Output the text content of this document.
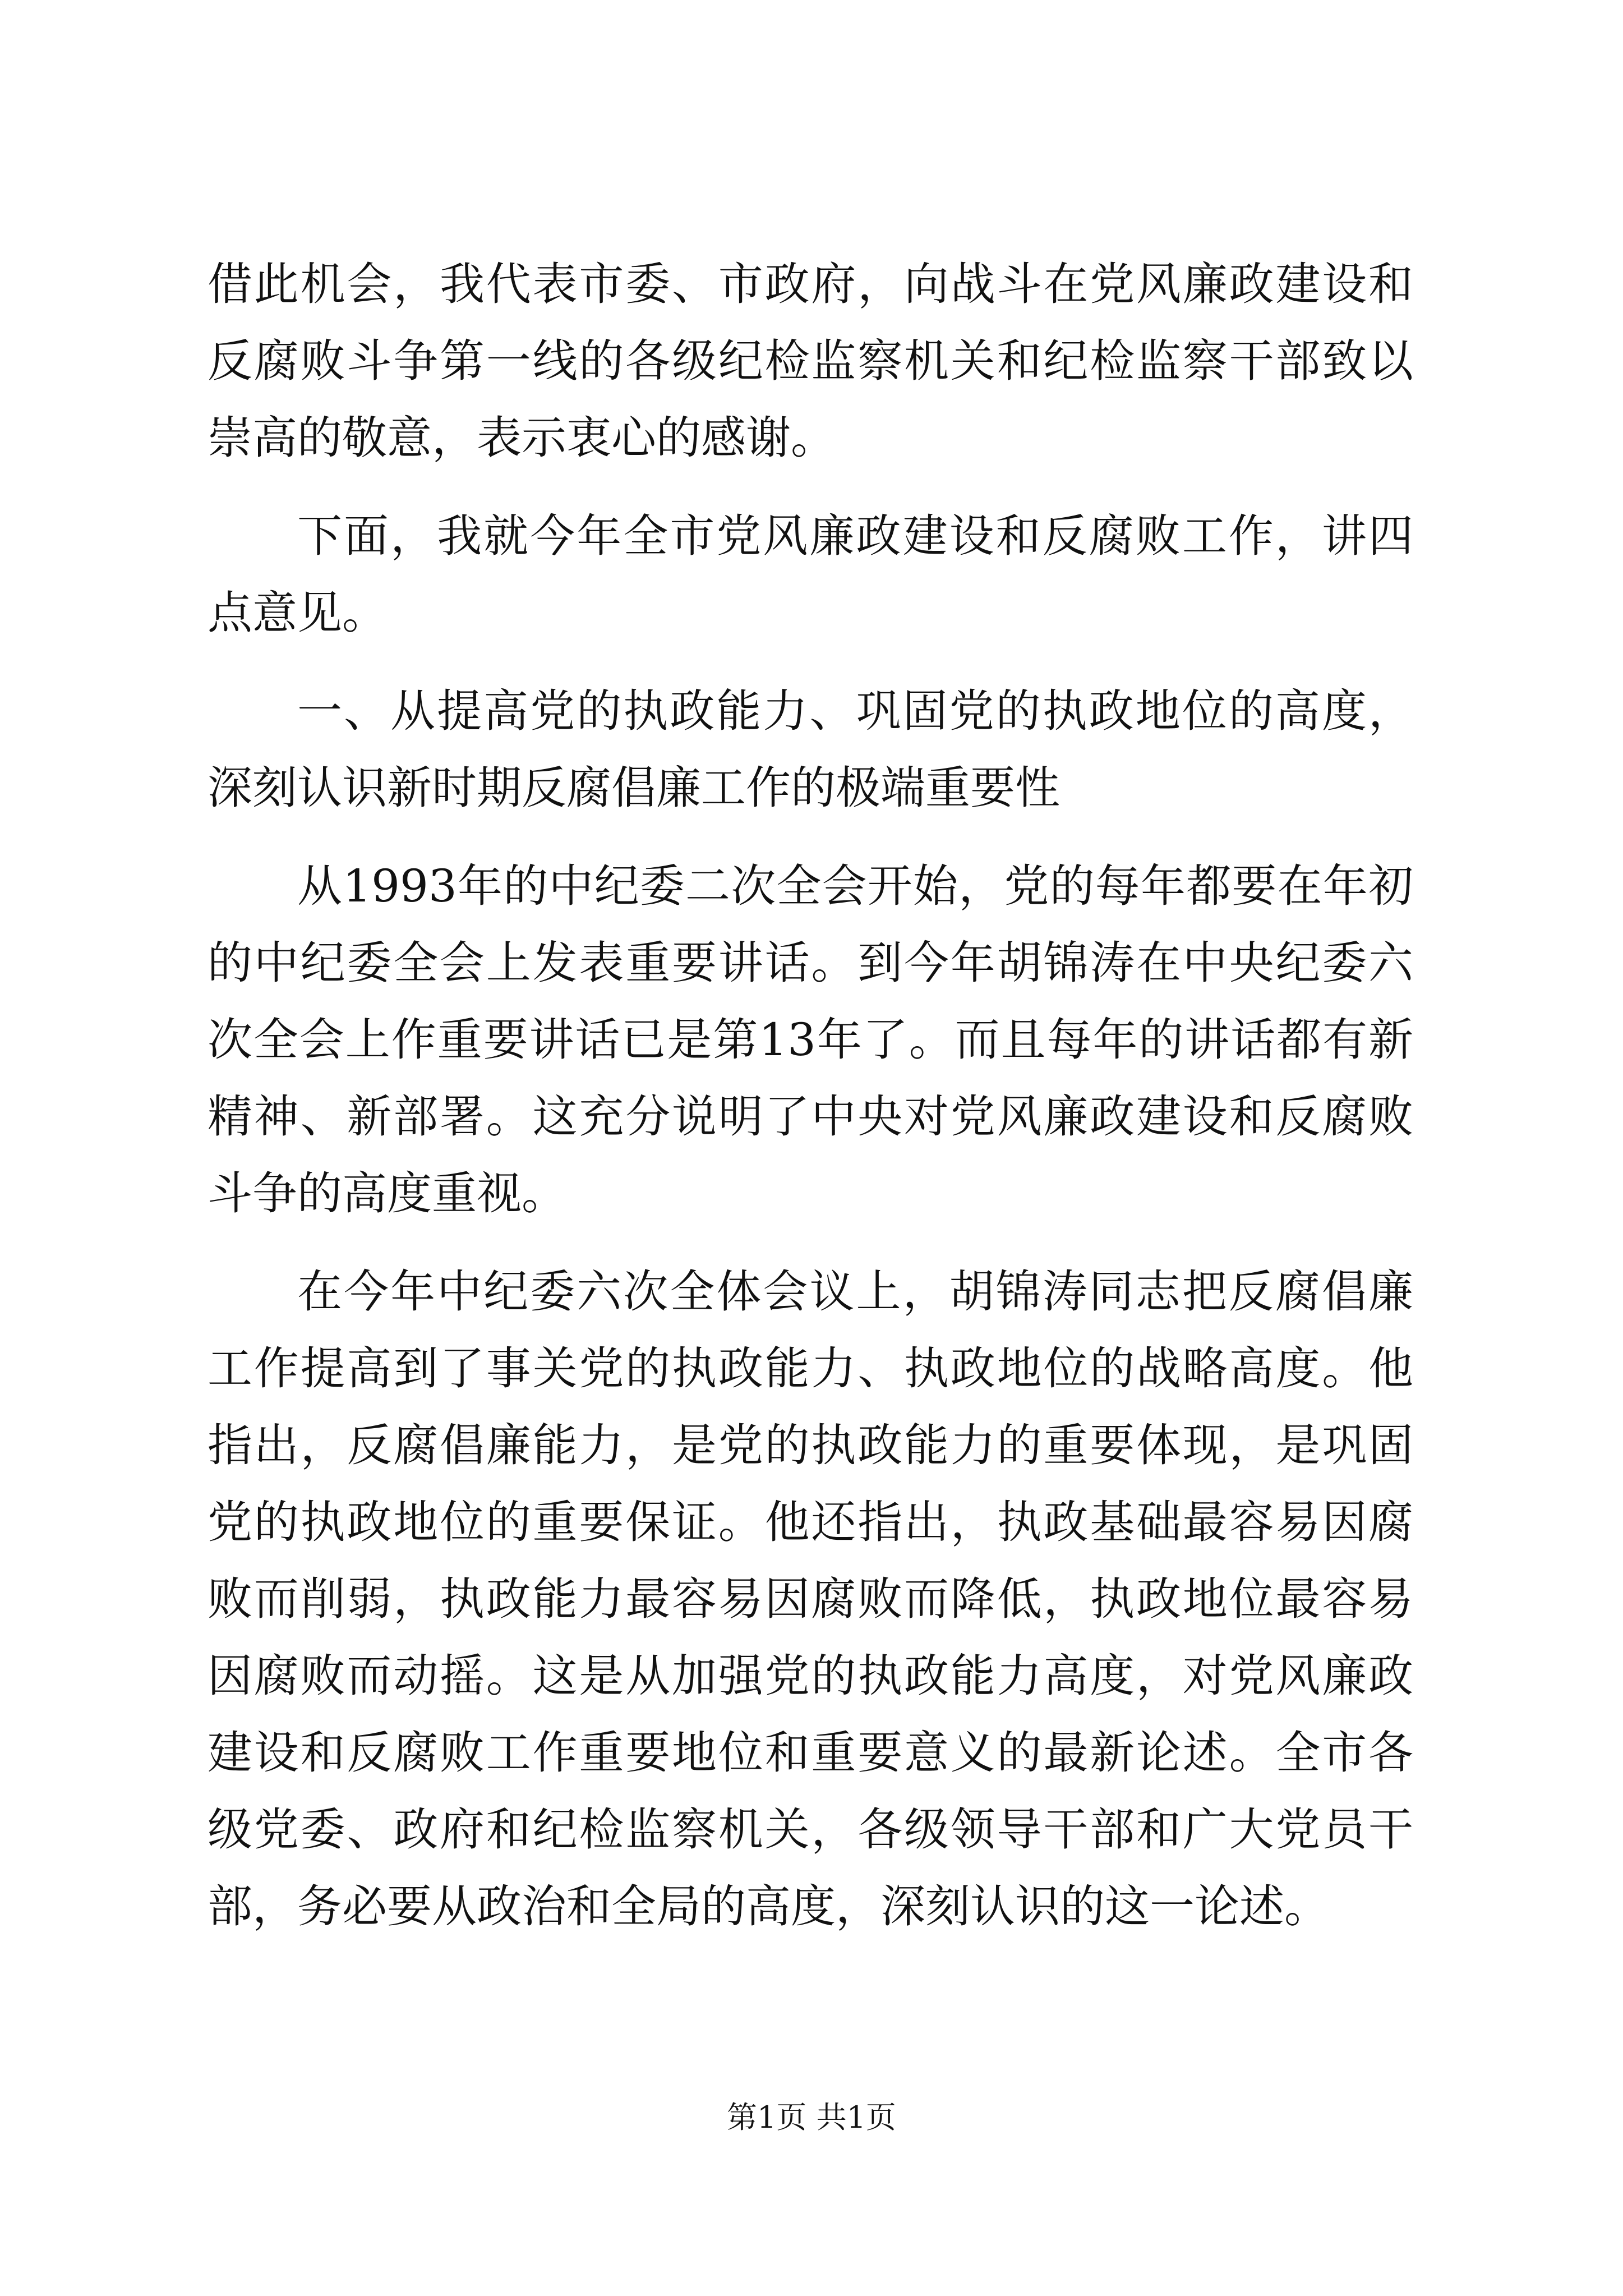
借此机会，我代表市委、市政府，向战斗在党风廉政建设和反腐败斗争第一线的各级纪检监察机关和纪检监察干部致以崇高的敬意，表示衷心的感谢。

下面，我就今年全市党风廉政建设和反腐败工作，讲四点意见。

一、从提高党的执政能力、巩固党的执政地位的高度，深刻认识新时期反腐倡廉工作的极端重要性

从1993年的中纪委二次全会开始，党的每年都要在年初的中纪委全会上发表重要讲话。到今年胡锦涛在中央纪委六次全会上作重要讲话已是第13年了。而且每年的讲话都有新精神、新部署。这充分说明了中央对党风廉政建设和反腐败斗争的高度重视。

在今年中纪委六次全体会议上，胡锦涛同志把反腐倡廉工作提高到了事关党的执政能力、执政地位的战略高度。他指出，反腐倡廉能力，是党的执政能力的重要体现，是巩固党的执政地位的重要保证。他还指出，执政基础最容易因腐败而削弱，执政能力最容易因腐败而降低，执政地位最容易因腐败而动摇。这是从加强党的执政能力高度，对党风廉政建设和反腐败工作重要地位和重要意义的最新论述。全市各级党委、政府和纪检监察机关，各级领导干部和广大党员干部，务必要从政治和全局的高度，深刻认识的这一论述。

第1页 共1页
